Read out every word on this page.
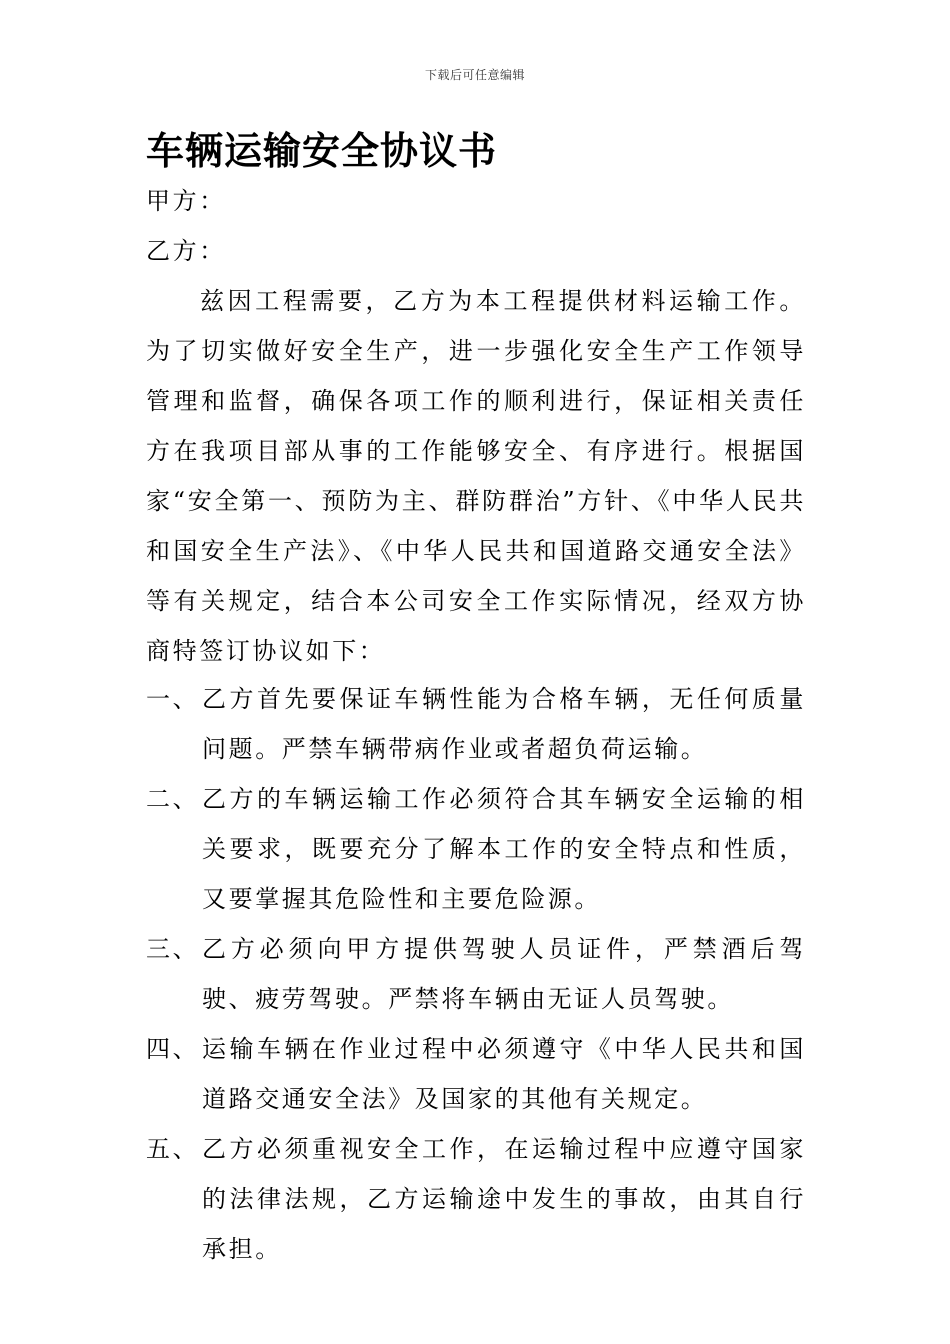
下载后可任意编辑
车辆运输安全协议书
甲方：
乙方：
兹因工程需要，乙方为本工程提供材料运输工作。为了切实做好安全生产，进一步强化安全生产工作领导管理和监督，确保各项工作的顺利进行，保证相关责任方在我项目部从事的工作能够安全、有序进行。根据国家“安全第一、预防为主、群防群治”方针、《中华人民共和国安全生产法》、《中华人民共和国道路交通安全法》等有关规定，结合本公司安全工作实际情况，经双方协商特签订协议如下：
一、 乙方首先要保证车辆性能为合格车辆，无任何质量问题。严禁车辆带病作业或者超负荷运输。
二、 乙方的车辆运输工作必须符合其车辆安全运输的相关要求，既要充分了解本工作的安全特点和性质，又要掌握其危险性和主要危险源。
三、 乙方必须向甲方提供驾驶人员证件，严禁酒后驾驶、疲劳驾驶。严禁将车辆由无证人员驾驶。
四、 运输车辆在作业过程中必须遵守《中华人民共和国道路交通安全法》及国家的其他有关规定。
五、 乙方必须重视安全工作，在运输过程中应遵守国家的法律法规，乙方运输途中发生的事故，由其自行承担。
